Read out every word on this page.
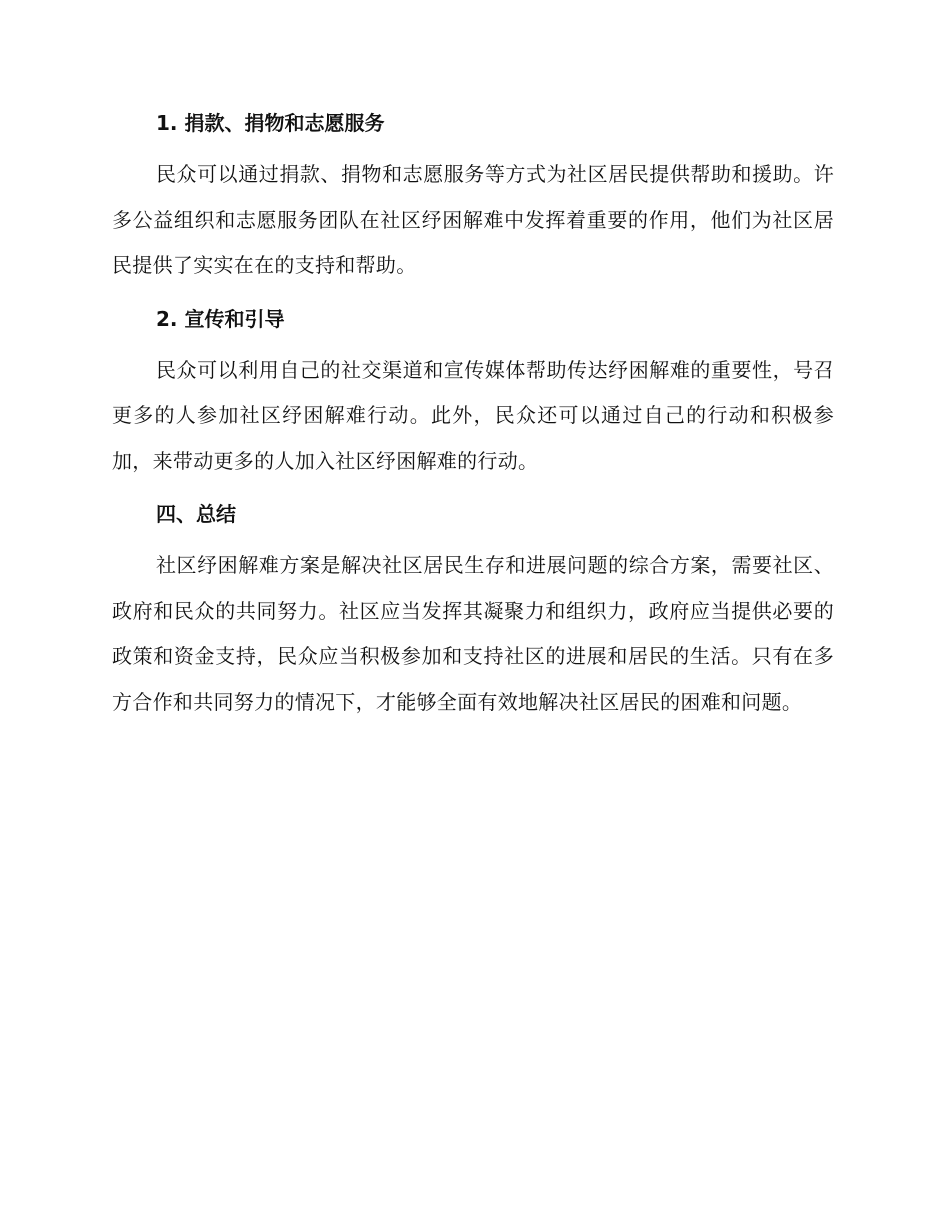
1. 捐款、捐物和志愿服务

民众可以通过捐款、捐物和志愿服务等方式为社区居民提供帮助和援助。许多公益组织和志愿服务团队在社区纾困解难中发挥着重要的作用，他们为社区居民提供了实实在在的支持和帮助。

2. 宣传和引导

民众可以利用自己的社交渠道和宣传媒体帮助传达纾困解难的重要性，号召更多的人参加社区纾困解难行动。此外，民众还可以通过自己的行动和积极参加，来带动更多的人加入社区纾困解难的行动。

四、总结

社区纾困解难方案是解决社区居民生存和进展问题的综合方案，需要社区、政府和民众的共同努力。社区应当发挥其凝聚力和组织力，政府应当提供必要的政策和资金支持，民众应当积极参加和支持社区的进展和居民的生活。只有在多方合作和共同努力的情况下，才能够全面有效地解决社区居民的困难和问题。
